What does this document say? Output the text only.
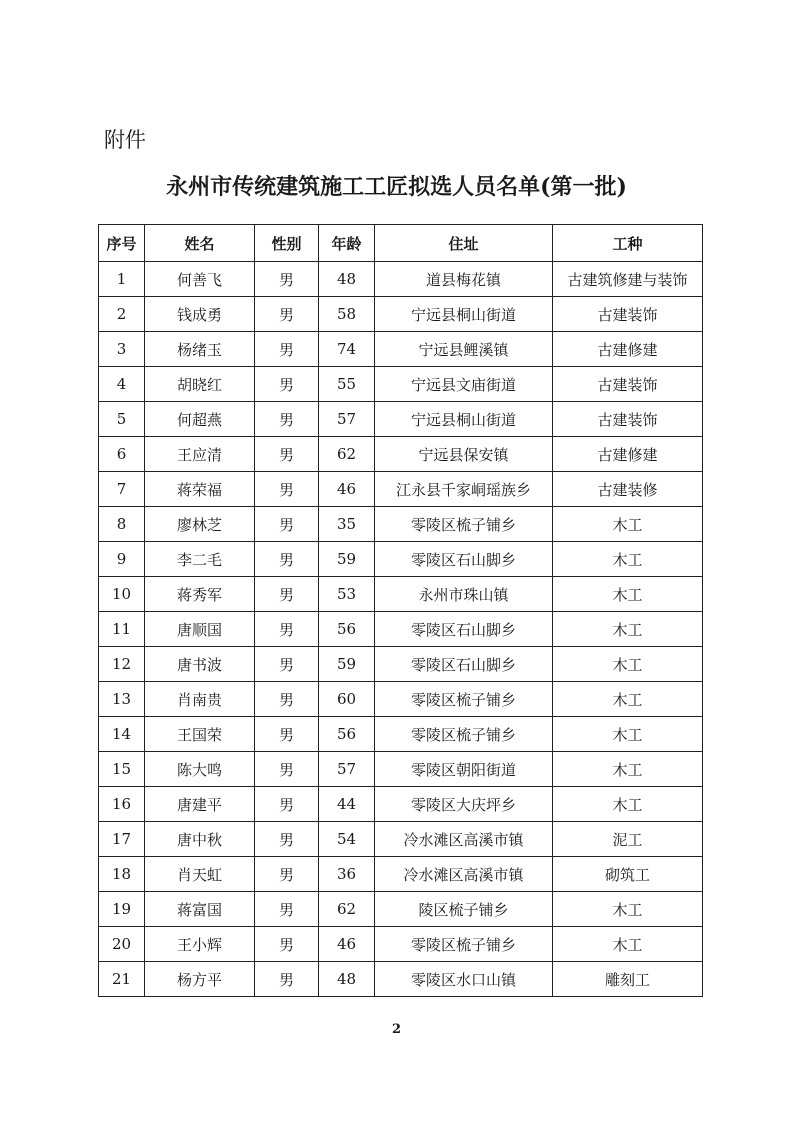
附件
永州市传统建筑施工工匠拟选人员名单(第一批)
序号	姓名	性别	年龄	住址	工种
1	何善飞	男	48	道县梅花镇	古建筑修建与装饰
2	钱成勇	男	58	宁远县桐山街道	古建装饰
3	杨绪玉	男	74	宁远县鲤溪镇	古建修建
4	胡晓红	男	55	宁远县文庙街道	古建装饰
5	何超燕	男	57	宁远县桐山街道	古建装饰
6	王应清	男	62	宁远县保安镇	古建修建
7	蒋荣福	男	46	江永县千家峒瑶族乡	古建装修
8	廖林芝	男	35	零陵区梳子铺乡	木工
9	李二毛	男	59	零陵区石山脚乡	木工
10	蒋秀军	男	53	永州市珠山镇	木工
11	唐顺国	男	56	零陵区石山脚乡	木工
12	唐书波	男	59	零陵区石山脚乡	木工
13	肖南贵	男	60	零陵区梳子铺乡	木工
14	王国荣	男	56	零陵区梳子铺乡	木工
15	陈大鸣	男	57	零陵区朝阳街道	木工
16	唐建平	男	44	零陵区大庆坪乡	木工
17	唐中秋	男	54	冷水滩区高溪市镇	泥工
18	肖天虹	男	36	冷水滩区高溪市镇	砌筑工
19	蒋富国	男	62	陵区梳子铺乡	木工
20	王小辉	男	46	零陵区梳子铺乡	木工
21	杨方平	男	48	零陵区水口山镇	雕刻工
2
